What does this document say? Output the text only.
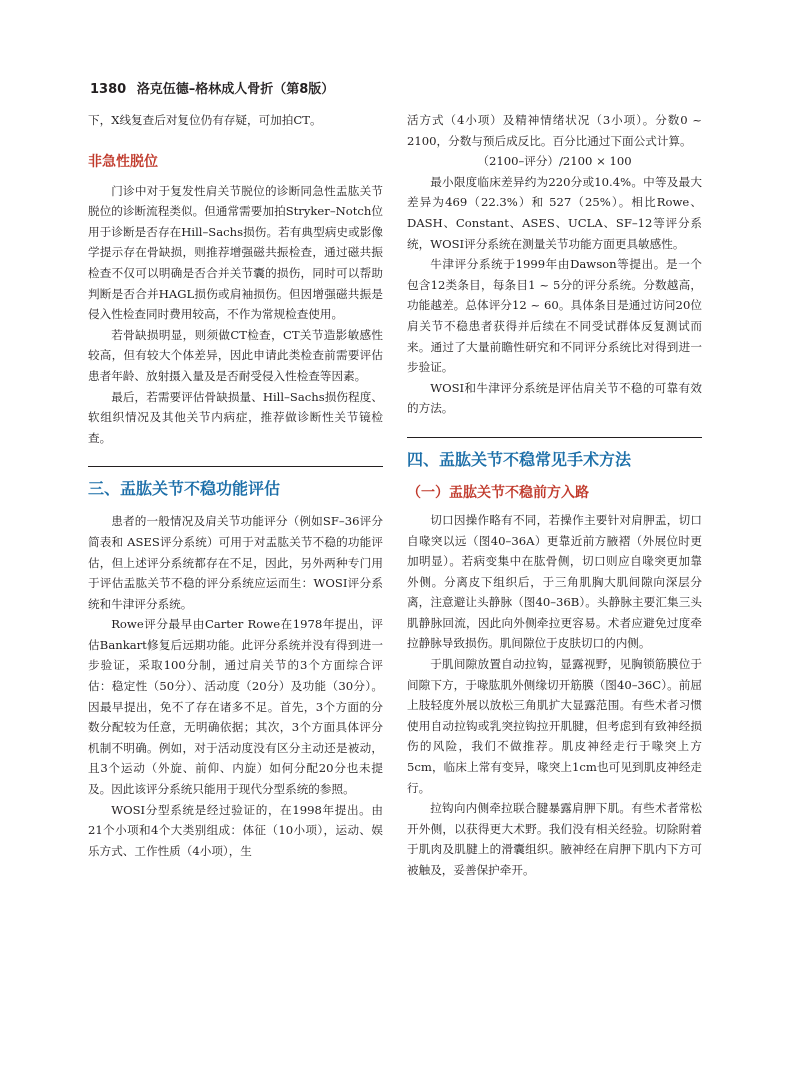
1380 洛克伍德–格林成人骨折（第8版）

下，X线复查后对复位仍有存疑，可加拍CT。

非急性脱位

门诊中对于复发性肩关节脱位的诊断同急性盂肱关节脱位的诊断流程类似。但通常需要加拍Stryker–Notch位用于诊断是否存在Hill–Sachs损伤。若有典型病史或影像学提示存在骨缺损，则推荐增强磁共振检查，通过磁共振检查不仅可以明确是否合并关节囊的损伤，同时可以帮助判断是否合并HAGL损伤或肩袖损伤。但因增强磁共振是侵入性检查同时费用较高，不作为常规检查使用。

若骨缺损明显，则须做CT检查，CT关节造影敏感性较高，但有较大个体差异，因此申请此类检查前需要评估患者年龄、放射摄入量及是否耐受侵入性检查等因素。

最后，若需要评估骨缺损量、Hill–Sachs损伤程度、软组织情况及其他关节内病症，推荐做诊断性关节镜检查。

三、盂肱关节不稳功能评估

患者的一般情况及肩关节功能评分（例如SF–36评分简表和 ASES评分系统）可用于对盂肱关节不稳的功能评估，但上述评分系统都存在不足，因此，另外两种专门用于评估盂肱关节不稳的评分系统应运而生：WOSI评分系统和牛津评分系统。

Rowe评分最早由Carter Rowe在1978年提出，评估Bankart修复后远期功能。此评分系统并没有得到进一步验证，采取100分制，通过肩关节的3个方面综合评估：稳定性（50分）、活动度（20分）及功能（30分）。因最早提出，免不了存在诸多不足。首先，3个方面的分数分配较为任意，无明确依据；其次，3个方面具体评分机制不明确。例如，对于活动度没有区分主动还是被动，且3个运动（外旋、前仰、内旋）如何分配20分也未提及。因此该评分系统只能用于现代分型系统的参照。

WOSI分型系统是经过验证的，在1998年提出。由21个小项和4个大类别组成：体征（10小项），运动、娱乐方式、工作性质（4小项），生

活方式（4小项）及精神情绪状况（3小项）。分数0 ~ 2100，分数与预后成反比。百分比通过下面公式计算。

（2100–评分）/2100 × 100

最小限度临床差异约为220分或10.4%。中等及最大差异为469（22.3%）和 527（25%）。相比Rowe、DASH、Constant、ASES、UCLA、SF–12等评分系统，WOSI评分系统在测量关节功能方面更具敏感性。

牛津评分系统于1999年由Dawson等提出。是一个包含12类条目，每条目1 ~ 5分的评分系统。分数越高，功能越差。总体评分12 ~ 60。具体条目是通过访问20位肩关节不稳患者获得并后续在不同受试群体反复测试而来。通过了大量前瞻性研究和不同评分系统比对得到进一步验证。

WOSI和牛津评分系统是评估肩关节不稳的可靠有效的方法。

四、盂肱关节不稳常见手术方法
（一）盂肱关节不稳前方入路

切口因操作略有不同，若操作主要针对肩胛盂，切口自喙突以远（图40–36A）更靠近前方腋褶（外展位时更加明显）。若病变集中在肱骨侧，切口则应自喙突更加靠外侧。分离皮下组织后，于三角肌胸大肌间隙向深层分离，注意避让头静脉（图40–36B）。头静脉主要汇集三头肌静脉回流，因此向外侧牵拉更容易。术者应避免过度牵拉静脉导致损伤。肌间隙位于皮肤切口的内侧。

于肌间隙放置自动拉钩，显露视野，见胸锁筋膜位于间隙下方，于喙肱肌外侧缘切开筋膜（图40–36C）。前屈上肢轻度外展以放松三角肌扩大显露范围。有些术者习惯使用自动拉钩或乳突拉钩拉开肌腱，但考虑到有致神经损伤的风险，我们不做推荐。肌皮神经走行于喙突上方5cm，临床上常有变异，喙突上1cm也可见到肌皮神经走行。

拉钩向内侧牵拉联合腱暴露肩胛下肌。有些术者常松开外侧，以获得更大术野。我们没有相关经验。切除附着于肌肉及肌腱上的滑囊组织。腋神经在肩胛下肌内下方可被触及，妥善保护牵开。
